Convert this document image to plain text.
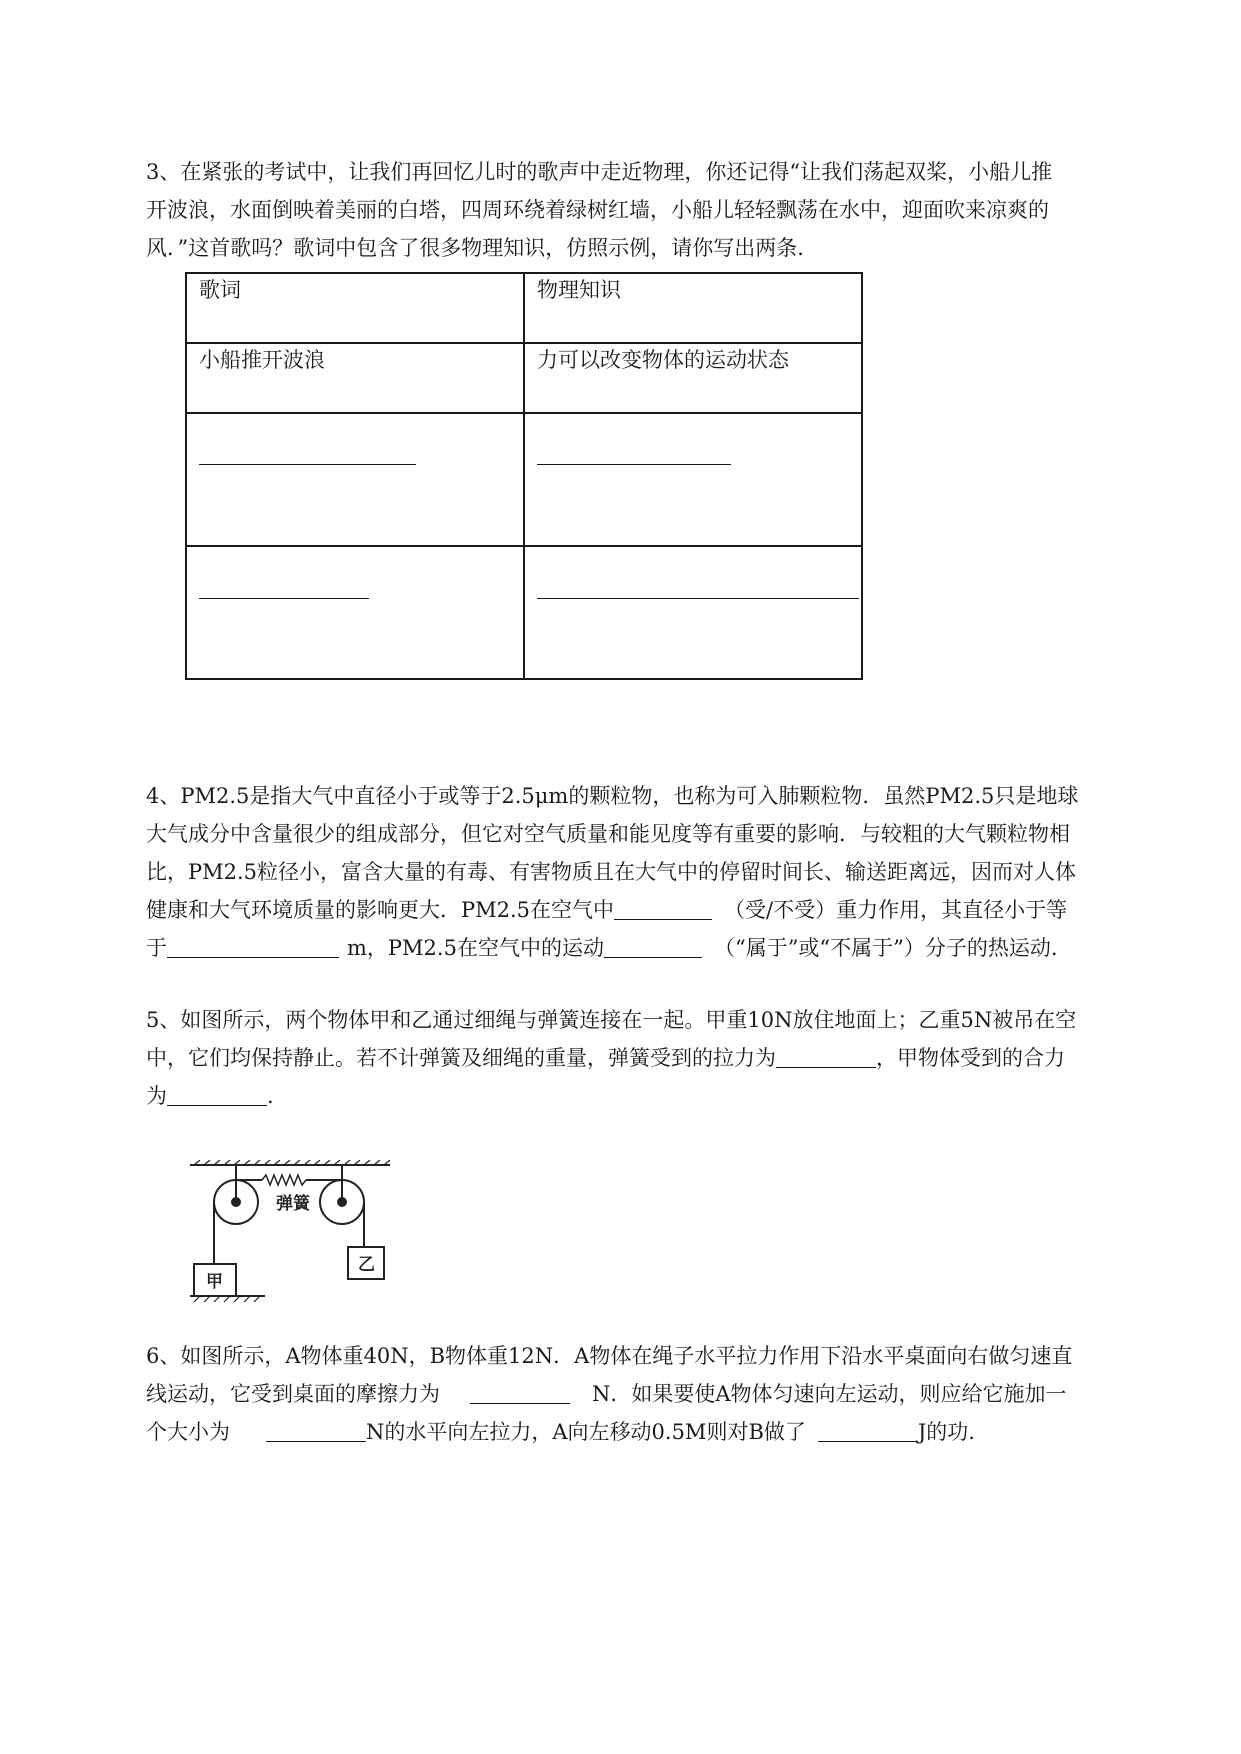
3、在紧张的考试中，让我们再回忆儿时的歌声中走近物理，你还记得“让我们荡起双桨，小船儿推
开波浪，水面倒映着美丽的白塔，四周环绕着绿树红墙，小船儿轻轻飘荡在水中，迎面吹来凉爽的
风．”这首歌吗？歌词中包含了很多物理知识，仿照示例，请你写出两条.
歌词	物理知识
小船推开波浪	力可以改变物体的运动状态

4、PM2.5是指大气中直径小于或等于2.5μm的颗粒物，也称为可入肺颗粒物．虽然PM2.5只是地球
大气成分中含量很少的组成部分，但它对空气质量和能见度等有重要的影响．与较粗的大气颗粒物相
比，PM2.5粒径小，富含大量的有毒、有害物质且在大气中的停留时间长、输送距离远，因而对人体
健康和大气环境质量的影响更大．PM2.5在空气中	（受/不受）重力作用，其直径小于等
于	m，PM2.5在空气中的运动	（“属于”或“不属于”）分子的热运动.
5、如图所示，两个物体甲和乙通过细绳与弹簧连接在一起。甲重10N放住地面上；乙重5N被吊在空
中，它们均保持静止。若不计弹簧及细绳的重量，弹簧受到的拉力为	，甲物体受到的合力
为	.
弹簧
甲
乙
6、如图所示，A物体重40N，B物体重12N．A物体在绳子水平拉力作用下沿水平桌面向右做匀速直
线运动，它受到桌面的摩擦力为	N．如果要使A物体匀速向左运动，则应给它施加一
个大小为	N的水平向左拉力，A向左移动0.5M则对B做了	J的功.
